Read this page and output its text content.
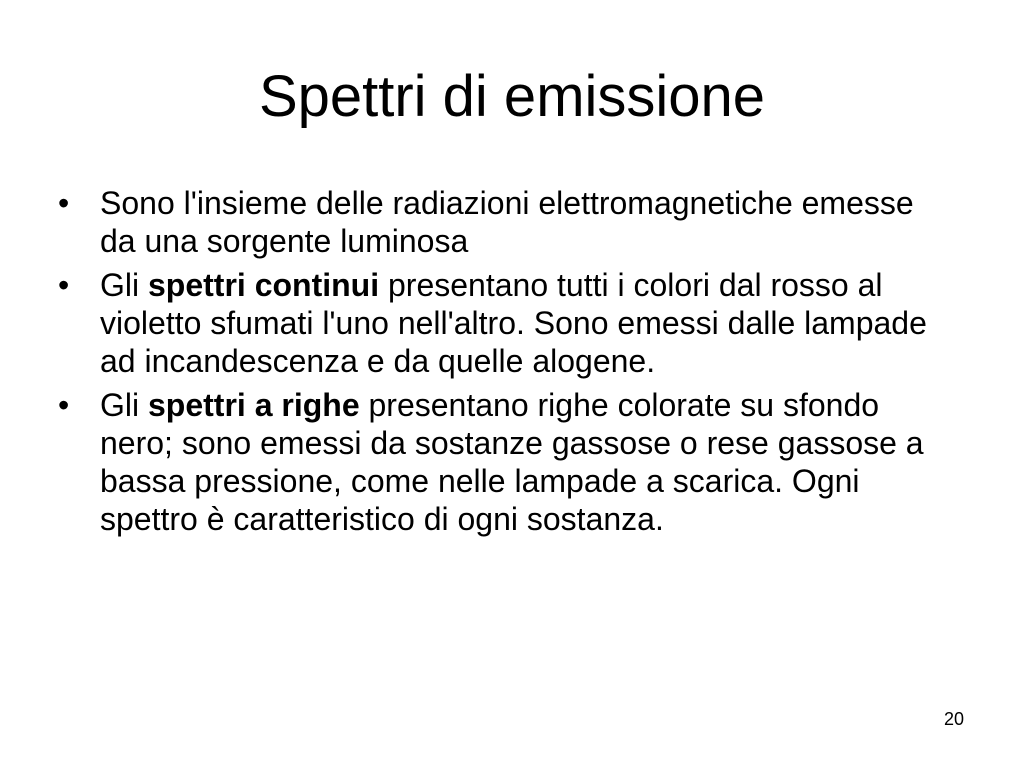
Spettri di emissione
• Sono l'insieme delle radiazioni elettromagnetiche emesse da una sorgente luminosa
• Gli spettri continui presentano tutti i colori dal rosso al violetto sfumati l'uno nell'altro. Sono emessi dalle lampade ad incandescenza e da quelle alogene.
• Gli spettri a righe presentano righe colorate su sfondo nero; sono emessi da sostanze gassose o rese gassose a bassa pressione, come nelle lampade a scarica. Ogni spettro è caratteristico di ogni sostanza.
20
